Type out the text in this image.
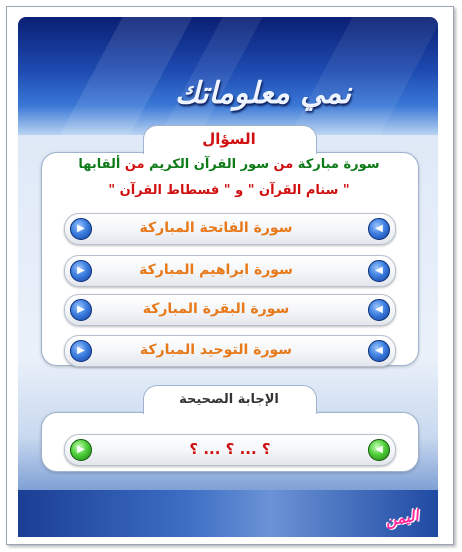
نمي معلوماتك
السؤال
سورة مباركة من سور القرآن الكريم من ألقابها
" سنام القرآن " و " فسطاط القرآن "
▶	◀
سورة الفاتحة المباركة
▶	◀
سورة ابراهيم المباركة
▶	◀
سورة البقرة المباركة
▶	◀
سورة التوحيد المباركة
الإجابة الصحيحة
▶	◀
؟ ... ؟ ... ؟
اليمن
